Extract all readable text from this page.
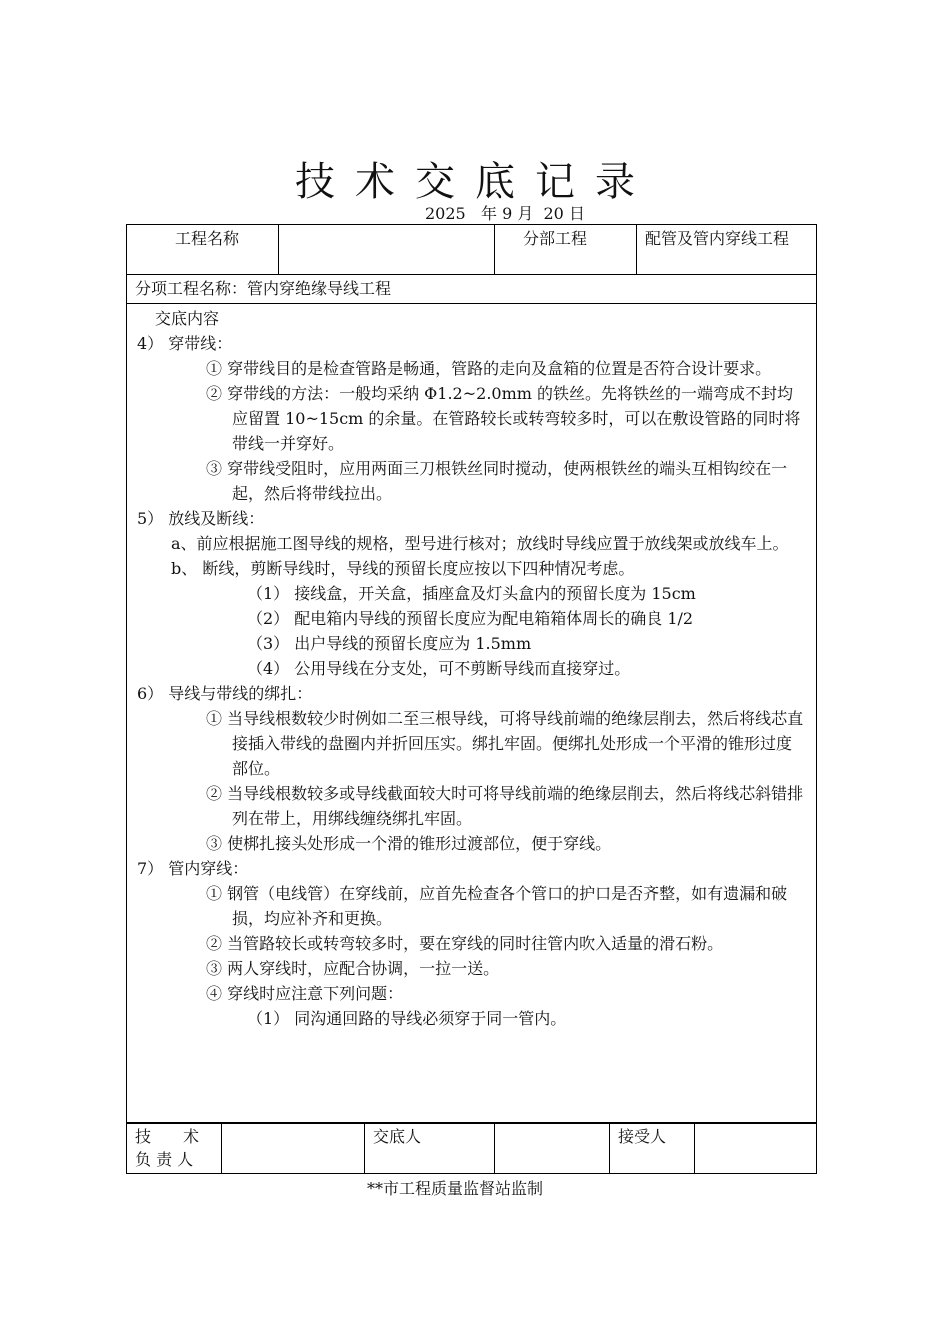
技术交底记录
2025   年 9 月  20 日
工程名称		分部工程	配管及管内穿线工程
分项工程名称：管内穿绝缘导线工程

交底内容
4） 穿带线：
① 穿带线目的是检查管路是畅通，管路的走向及盒箱的位置是否符合设计要求。
② 穿带线的方法：一般均采纳 Φ1.2~2.0mm 的铁丝。先将铁丝的一端弯成不封均应留置 10~15cm 的余量。在管路较长或转弯较多时，可以在敷设管路的同时将带线一并穿好。
③ 穿带线受阻时，应用两面三刀根铁丝同时搅动，使两根铁丝的端头互相钩绞在一起，然后将带线拉出。
5） 放线及断线：
a、前应根据施工图导线的规格，型号进行核对；放线时导线应置于放线架或放线车上。
b、 断线，剪断导线时，导线的预留长度应按以下四种情况考虑。
（1） 接线盒，开关盒，插座盒及灯头盒内的预留长度为 15cm
（2） 配电箱内导线的预留长度应为配电箱箱体周长的确良 1/2
（3） 出户导线的预留长度应为 1.5mm
（4） 公用导线在分支处，可不剪断导线而直接穿过。
6） 导线与带线的绑扎：
① 当导线根数较少时例如二至三根导线，可将导线前端的绝缘层削去，然后将线芯直接插入带线的盘圈内并折回压实。绑扎牢固。便绑扎处形成一个平滑的锥形过度部位。
② 当导线根数较多或导线截面较大时可将导线前端的绝缘层削去，然后将线芯斜错排列在带上，用绑线缠绕绑扎牢固。
③ 使梆扎接头处形成一个滑的锥形过渡部位，便于穿线。
7） 管内穿线：
① 钢管（电线管）在穿线前，应首先检查各个管口的护口是否齐整，如有遗漏和破损，均应补齐和更换。
② 当管路较长或转弯较多时，要在穿线的同时往管内吹入适量的滑石粉。
③ 两人穿线时，应配合协调，一拉一送。
④ 穿线时应注意下列问题：
（1） 同沟通回路的导线必须穿于同一管内。
技　　术
负 责 人
		交底人		接受人	
**市工程质量监督站监制
